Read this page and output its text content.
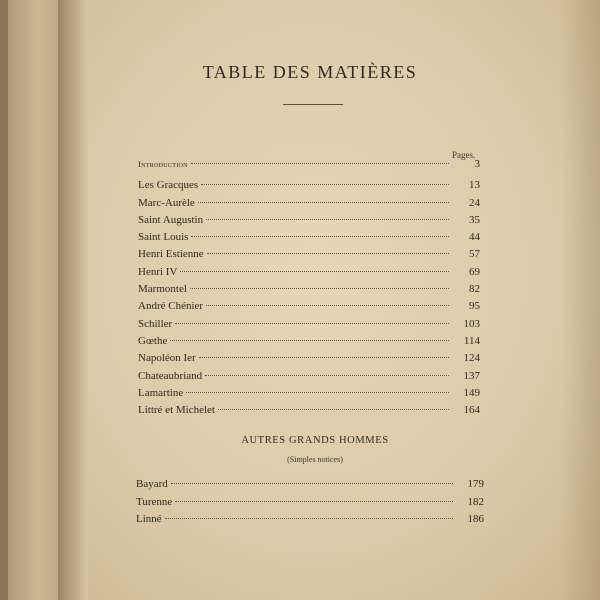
TABLE DES MATIÈRES
Pages.
Introduction	3
Les Gracques	13
Marc-Aurèle	24
Saint Augustin	35
Saint Louis	44
Henri Estienne	57
Henri IV	69
Marmontel	82
André Chénier	95
Schiller	103
Gœthe	114
Napoléon Ier	124
Chateaubriand	137
Lamartine	149
Littré et Michelet	164
AUTRES GRANDS HOMMES
(Simples notices)
Bayard	179
Turenne	182
Linné	186
